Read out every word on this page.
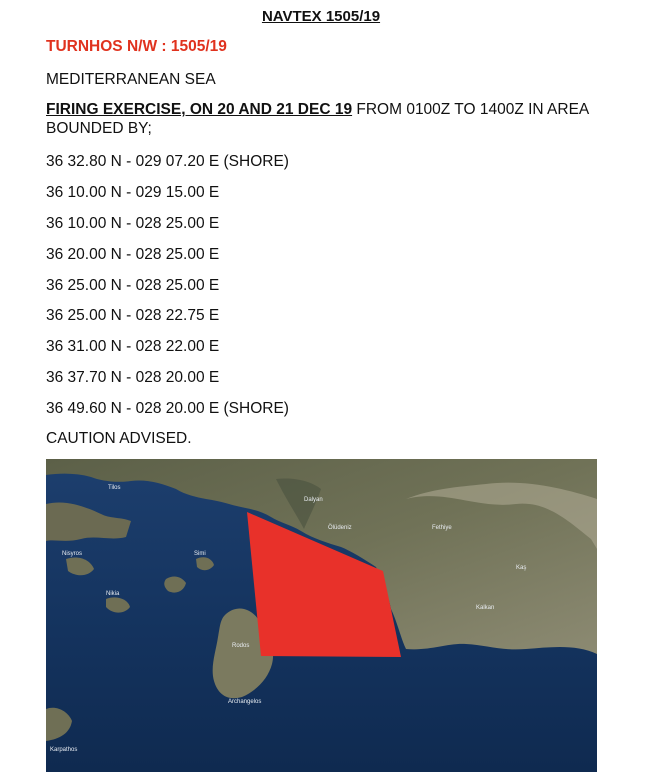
NAVTEX 1505/19
TURNHOS N/W : 1505/19
MEDITERRANEAN SEA
FIRING EXERCISE, ON 20 AND 21 DEC 19 FROM 0100Z TO 1400Z IN AREA BOUNDED BY;
36 32.80 N - 029 07.20 E (SHORE)
36 10.00 N - 029 15.00 E
36 10.00 N - 028 25.00 E
36 20.00 N - 028 25.00 E
36 25.00 N - 028 25.00 E
36 25.00 N - 028 22.75 E
36 31.00 N - 028 22.00 E
36 37.70 N - 028 20.00 E
36 49.60 N - 028 20.00 E (SHORE)
CAUTION ADVISED.
Tilos
Simi
Nisyros
Nikia
Rodos
Archangelos
Karpathos
Ölüdeniz
Dalyan
Fethiye
Kaş
Kalkan
